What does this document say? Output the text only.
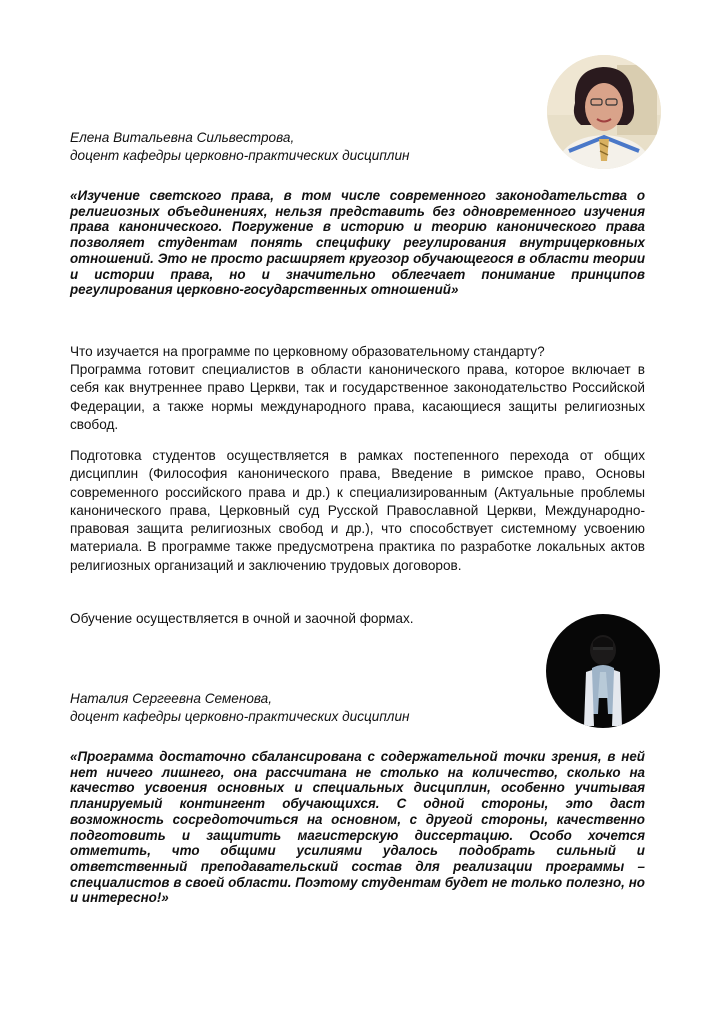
Елена Витальевна Сильвестрова,
доцент кафедры церковно-практических дисциплин

«Изучение светского права, в том числе современного законодательства о религиозных объединениях, нельзя представить без одновременного изучения права канонического. Погружение в историю и теорию канонического права позволяет студентам понять специфику регулирования внутрицерковных отношений. Это не просто расширяет кругозор обучающегося в области теории и истории права, но и значительно облегчает понимание принципов регулирования церковно-государственных отношений»

Что изучается на программе по церковному образовательному стандарту?

Программа готовит специалистов в области канонического права, которое включает в себя как внутреннее право Церкви, так и государственное законодательство Российской Федерации, а также нормы международного права, касающиеся защиты религиозных свобод.

Подготовка студентов осуществляется в рамках постепенного перехода от общих дисциплин (Философия канонического права, Введение в римское право, Основы современного российского права и др.) к специализированным (Актуальные проблемы канонического права, Церковный суд Русской Православной Церкви, Международно-правовая защита религиозных свобод и др.), что способствует системному усвоению материала. В программе также предусмотрена практика по разработке локальных актов религиозных организаций и заключению трудовых договоров.

Обучение осуществляется в очной и заочной формах.

Наталия Сергеевна Семенова,
доцент кафедры церковно-практических дисциплин

«Программа достаточно сбалансирована с содержательной точки зрения, в ней нет ничего лишнего, она рассчитана не столько на количество, сколько на качество усвоения основных и специальных дисциплин, особенно учитывая планируемый контингент обучающихся. С одной стороны, это даст возможность сосредоточиться на основном, с другой стороны, качественно подготовить и защитить магистерскую диссертацию. Особо хочется отметить, что общими усилиями удалось подобрать сильный и ответственный преподавательский состав для реализации программы – специалистов в своей области. Поэтому студентам будет не только полезно, но и интересно!»
